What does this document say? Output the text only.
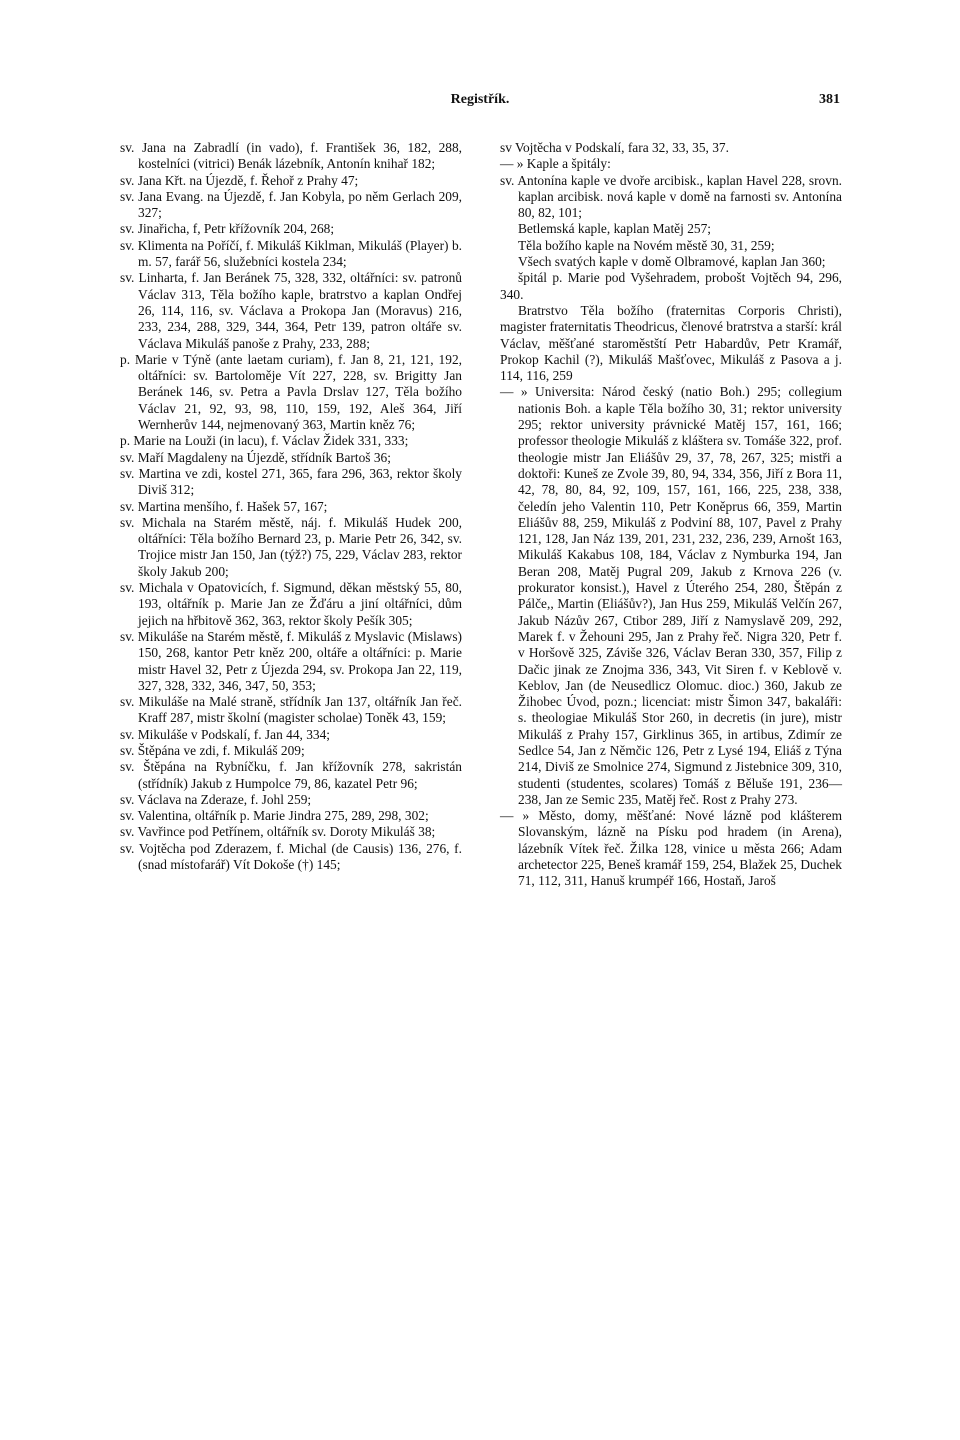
Registřík.	381

sv. Jana na Zabradlí (in vado), f. František 36, 182, 288, kostelníci (vitrici) Benák lázebník, Antonín knihař 182;

sv. Jana Křt. na Újezdě, f. Řehoř z Prahy 47;

sv. Jana Evang. na Újezdě, f. Jan Kobyla, po něm Gerlach 209, 327;

sv. Jinařicha, f, Petr křížovník 204, 268;

sv. Klimenta na Poříčí, f. Mikuláš Kiklman, Mikuláš (Player) b. m. 57, farář 56, služebníci kostela 234;

sv. Linharta, f. Jan Beránek 75, 328, 332, oltářníci: sv. patronů Václav 313, Těla božího kaple, bratrstvo a kaplan Ondřej 26, 114, 116, sv. Václava a Prokopa Jan (Moravus) 216, 233, 234, 288, 329, 344, 364, Petr 139, patron oltáře sv. Václava Mikuláš panoše z Prahy, 233, 288;

p. Marie v Týně (ante laetam curiam), f. Jan 8, 21, 121, 192, oltářníci: sv. Bartoloměje Vít 227, 228, sv. Brigitty Jan Beránek 146, sv. Petra a Pavla Drslav 127, Těla božího Václav 21, 92, 93, 98, 110, 159, 192, Aleš 364, Jiří Wernherův 144, nejmenovaný 363, Martin kněz 76;

p. Marie na Louži (in lacu), f. Václav Židek 331, 333;

sv. Maří Magdaleny na Újezdě, střídník Bartoš 36;

sv. Martina ve zdi, kostel 271, 365, fara 296, 363, rektor školy Diviš 312;

sv. Martina menšího, f. Hašek 57, 167;

sv. Michala na Starém městě, náj. f. Mikuláš Hudek 200, oltářníci: Těla božího Bernard 23, p. Marie Petr 26, 342, sv. Trojice mistr Jan 150, Jan (týž?) 75, 229, Václav 283, rektor školy Jakub 200;

sv. Michala v Opatovicích, f. Sigmund, děkan městský 55, 80, 193, oltářník p. Marie Jan ze Žďáru a jiní oltářníci, dům jejich na hřbitově 362, 363, rektor školy Pešík 305;

sv. Mikuláše na Starém městě, f. Mikuláš z Myslavic (Mislaws) 150, 268, kantor Petr kněz 200, oltáře a oltářníci: p. Marie mistr Havel 32, Petr z Újezda 294, sv. Prokopa Jan 22, 119, 327, 328, 332, 346, 347, 50, 353;

sv. Mikuláše na Malé straně, střídník Jan 137, oltářník Jan řeč. Kraff 287, mistr školní (magister scholae) Toněk 43, 159;

sv. Mikuláše v Podskalí, f. Jan 44, 334;

sv. Štěpána ve zdi, f. Mikuláš 209;

sv. Štěpána na Rybníčku, f. Jan křížovník 278, sakristán (střídník) Jakub z Humpolce 79, 86, kazatel Petr 96;

sv. Václava na Zderaze, f. Johl 259;

sv. Valentina, oltářník p. Marie Jindra 275, 289, 298, 302;

sv. Vavřince pod Petřínem, oltářník sv. Doroty Mikuláš 38;

sv. Vojtěcha pod Zderazem, f. Michal (de Causis) 136, 276, f. (snad místofarář) Vít Dokoše (†) 145;

sv Vojtěcha v Podskalí, fara 32, 33, 35, 37.

— » Kaple a špitály:

sv. Antonína kaple ve dvoře arcibisk., kaplan Havel 228, srovn. kaplan arcibisk. nová kaple v domě na farnosti sv. Antonína 80, 82, 101;

Betlemská kaple, kaplan Matěj 257;

Těla božího kaple na Novém městě 30, 31, 259;

Všech svatých kaple v domě Olbramové, kaplan Jan 360;

špitál p. Marie pod Vyšehradem, probošt Vojtěch 94, 296, 340.

Bratrstvo Těla božího (fraternitas Corporis Christi), magister fraternitatis Theodricus, členové bratrstva a starší: král Václav, měšťané staroměstští Petr Habardův, Petr Kramář, Prokop Kachil (?), Mikuláš Mašťovec, Mikuláš z Pasova a j. 114, 116, 259

— » Universita: Národ český (natio Boh.) 295; collegium nationis Boh. a kaple Těla božího 30, 31; rektor university 295; rektor university právnické Matěj 157, 161, 166; professor theologie Mikuláš z kláštera sv. Tomáše 322, prof. theologie mistr Jan Eliášův 29, 37, 78, 267, 325; mistři a doktoři: Kuneš ze Zvole 39, 80, 94, 334, 356, Jiří z Bora 11, 42, 78, 80, 84, 92, 109, 157, 161, 166, 225, 238, 338, čeledín jeho Valentin 110, Petr Koněprus 66, 359, Martin Eliášův 88, 259, Mikuláš z Podviní 88, 107, Pavel z Prahy 121, 128, Jan Náz 139, 201, 231, 232, 236, 239, Arnošt 163, Mikuláš Kakabus 108, 184, Václav z Nymburka 194, Jan Beran 208, Matěj Pugral 209, Jakub z Krnova 226 (v. prokurator konsist.), Havel z Úterého 254, 280, Štěpán z Pálče,, Martin (Eliášův?), Jan Hus 259, Mikuláš Velčín 267, Jakub Názův 267, Ctibor 289, Jiří z Namyslavě 209, 292, Marek f. v Žehouni 295, Jan z Prahy řeč. Nigra 320, Petr f. v Horšově 325, Záviše 326, Václav Beran 330, 357, Filip z Dačic jinak ze Znojma 336, 343, Vit Siren f. v Keblově v. Keblov, Jan (de Neusedlicz Olomuc. dioc.) 360, Jakub ze Žihobec Úvod, pozn.; licenciat: mistr Šimon 347, bakaláři: s. theologiae Mikuláš Stor 260, in decretis (in jure), mistr Mikuláš z Prahy 157, Girklinus 365, in artibus, Zdimír ze Sedlce 54, Jan z Němčic 126, Petr z Lysé 194, Eliáš z Týna 214, Diviš ze Smolnice 274, Sigmund z Jistebnice 309, 310, studenti (studentes, scolares) Tomáš z Běluše 191, 236—238, Jan ze Semic 235, Matěj řeč. Rost z Prahy 273.

— » Město, domy, měšťané: Nové lázně pod klášterem Slovanským, lázně na Písku pod hradem (in Arena), lázebník Vítek řeč. Žilka 128, vinice u města 266; Adam archetector 225, Beneš kramář 159, 254, Blažek 25, Duchek 71, 112, 311, Hanuš krumpéř 166, Hostaň, Jaroš
